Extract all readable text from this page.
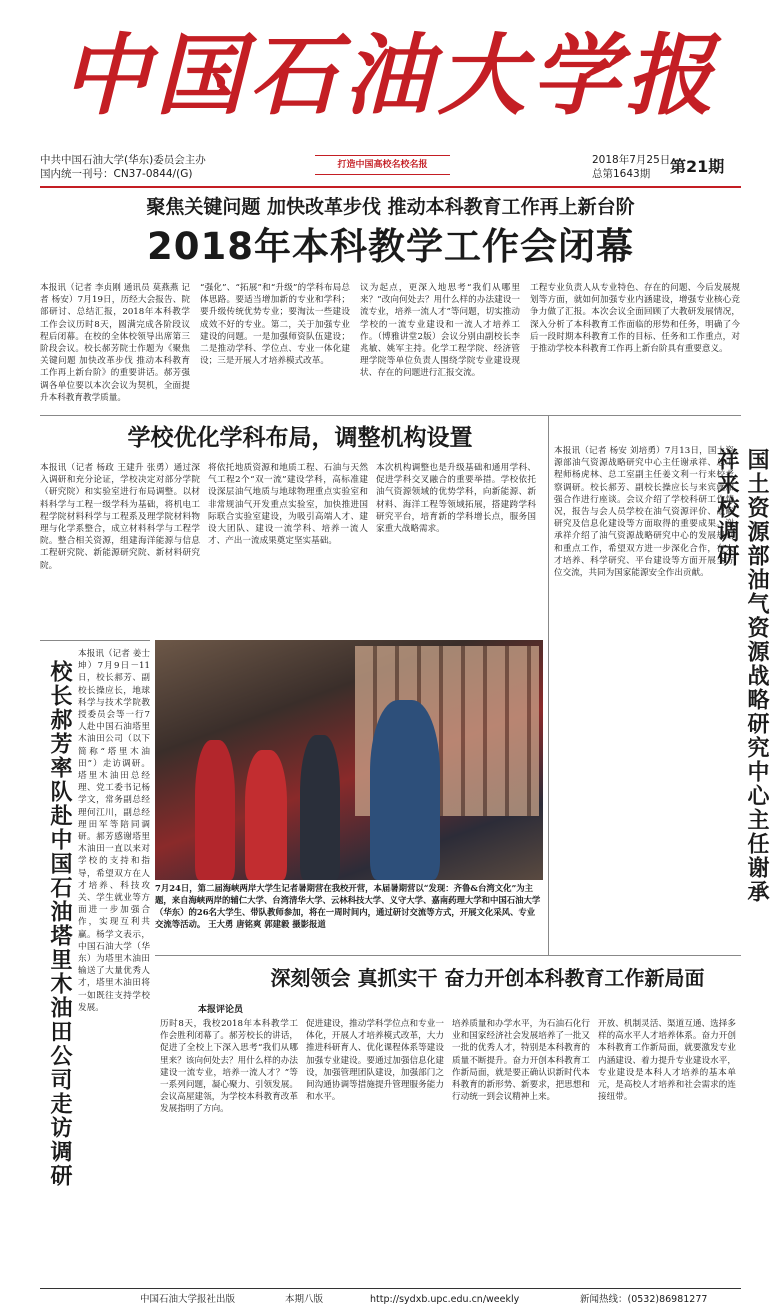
中国石油大学报
中共中国石油大学(华东)委员会主办
国内统一刊号：CN37-0844/(G)
打造中国高校名校名报	2018年7月25日
总第1643期	第21期
聚焦关键问题 加快改革步伐 推动本科教育工作再上新台阶
2018年本科教学工作会闭幕
本报讯（记者 李贞刚 通讯员 莫燕燕 记者 杨安）7月19日，历经大会报告、院部研讨、总结汇报，2018年本科教学工作会议历时8天，圆满完成各阶段议程后闭幕。在校的全体校领导出席第三阶段会议。校长郝芳院士作题为《聚焦关键问题 加快改革步伐 推动本科教育工作再上新台阶》的重要讲话。郝芳强调各单位要以本次会议为契机，全面提升本科教育教学质量。
“强化”、“拓展”和“升级”的学科布局总体思路。要适当增加新的专业和学科；要升级传统优势专业；要淘汰一些建设成效不好的专业。第二，关于加强专业建设的问题。一是加强师资队伍建设；二是推动学科、学位点、专业一体化建设；三是开展人才培养模式改革。
议为起点，更深入地思考“我们从哪里来？”改向何处去？用什么样的办法建设一流专业，培养一流人才”等问题，切实推动学校的一流专业建设和一流人才培养工作。（博雅讲堂2版）会议分别由副校长李兆敏、姚军主持。化学工程学院、经济管理学院等单位负责人围绕学院专业建设现状、存在的问题进行汇报交流。
工程专业负责人从专业特色、存在的问题、今后发展规划等方面，就如何加强专业内涵建设，增强专业核心竞争力做了汇报。本次会议全面回顾了大教研发展情况，深入分析了本科教育工作面临的形势和任务，明确了今后一段时期本科教育工作的目标、任务和工作重点，对于推动学校本科教育工作再上新台阶具有重要意义。
学校优化学科布局，调整机构设置
本报讯（记者 杨政 王建升 张勇）通过深入调研和充分论证，学校决定对部分学院（研究院）和实验室进行布局调整。以材料科学与工程一级学科为基础，将机电工程学院材料科学与工程系及理学院材料物理与化学系整合，成立材料科学与工程学院。整合相关资源，组建海洋能源与信息工程研究院、新能源研究院、新材料研究院。
将依托地质资源和地质工程、石油与天然气工程2个“双一流”建设学科，高标准建设深层油气地质与地球物理重点实验室和非常规油气开发重点实验室，加快推进国际联合实验室建设，为吸引高端人才、建设大团队、建设一流学科、培养一流人才、产出一流成果奠定坚实基础。
本次机构调整也是升级基础和通用学科、促进学科交叉融合的重要举措。学校依托油气资源领域的优势学科，向新能源、新材料、海洋工程等领域拓展，搭建跨学科研究平台，培育新的学科增长点，服务国家重大战略需求。
本报讯（记者 杨安 刘培勇）7月13日，国土资源部油气资源战略研究中心主任谢承祥、总工程师杨虎林、总工室副主任姜文利一行来校考察调研。校长郝芳、副校长操应长与来宾就加强合作进行座谈。会议介绍了学校科研工作情况，报告与会人员学校在油气资源评价、战略研究及信息化建设等方面取得的重要成果。谢承祥介绍了油气资源战略研究中心的发展规划和重点工作，希望双方进一步深化合作，在人才培养、科学研究、平台建设等方面开展全方位交流，共同为国家能源安全作出贡献。	国土资源部油气资源战略研究中心主任谢承祥来校调研
校长郝芳率队赴中国石油塔里木油田公司走访调研
本报讯（记者 姜士坤）7月9日－11日，校长郝芳、副校长操应长，地球科学与技术学院教授委员会等一行7人赴中国石油塔里木油田公司（以下简称“塔里木油田”）走访调研。塔里木油田总经理、党工委书记杨学文，常务副总经理何江川，副总经理田军等陪同调研。郝芳感谢塔里木油田一直以来对学校的支持和指导，希望双方在人才培养、科技攻关、学生就业等方面进一步加强合作，实现互利共赢。杨学文表示，中国石油大学（华东）为塔里木油田输送了大量优秀人才，塔里木油田将一如既往支持学校发展。
7月24日，第二届海峡两岸大学生记者暑期营在我校开营，本届暑期营以“发现：齐鲁&台湾文化”为主题，来自海峡两岸的辅仁大学、台湾清华大学、云林科技大学、义守大学、嘉南药理大学和中国石油大学（华东）的26名大学生、带队教师参加，将在一周时间内，通过研讨交流等方式，开展文化采风、专业交流等活动。 王大勇 唐铭爽 郭建毅 摄影报道
深刻领会 真抓实干 奋力开创本科教育工作新局面
本报评论员
历时8天，我校2018年本科教学工作会胜利闭幕了。郝芳校长的讲话，促进了全校上下深入思考“我们从哪里来？该向何处去？用什么样的办法建设一流专业，培养一流人才？”等一系列问题，凝心聚力、引领发展。会议高屋建瓴，为学校本科教育改革发展指明了方向。
促进建设，推动学科学位点和专业一体化，开展人才培养模式改革，大力推进科研育人、优化课程体系等建设加强专业建设。要通过加强信息化建设，加强管理团队建设，加强部门之间沟通协调等措施提升管理服务能力和水平。
培养质量和办学水平，为石油石化行业和国家经济社会发展培养了一批又一批的优秀人才，特别是本科教育的质量不断提升。奋力开创本科教育工作新局面，就是要正确认识新时代本科教育的新形势、新要求，把思想和行动统一到会议精神上来。
开放、机制灵活、渠道互通、选择多样的高水平人才培养体系。奋力开创本科教育工作新局面，就要激发专业内涵建设、着力提升专业建设水平，专业建设是本科人才培养的基本单元，是高校人才培养和社会需求的连接纽带。
中国石油大学报社出版	本期八版	http://sydxb.upc.edu.cn/weekly	新闻热线：(0532)86981277
